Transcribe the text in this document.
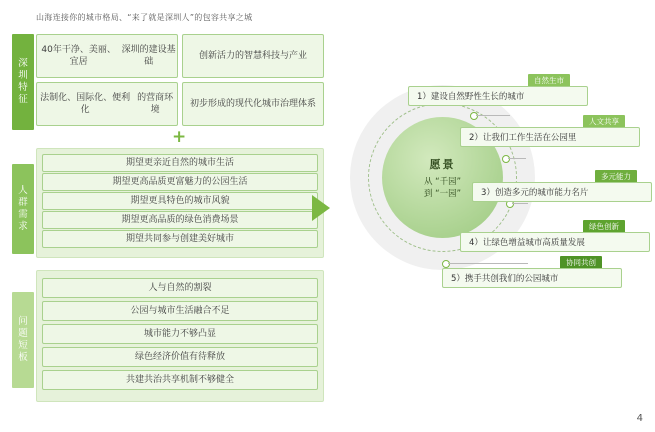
山海连接你的城市格局、“来了就是深圳人”的包容共享之城
深圳特征
人群需求
问题短板
40年干净、美丽、宜居
深圳的建设基础
创新活力的 智慧科技与产业
法制化、国际化、便利化
的营商环境
初步形成的现代化 城市治理体系
+
期望更亲近自然的城市生活
期望更高品质更富魅力的公园生活
期望更具特色的城市风貌
期望更高品质的绿色消费场景
期望共同参与创建美好城市
人与自然的割裂
公园与城市生活融合不足
城市能力不够凸显
绿色经济价值有待释放
共建共治共享机制不够健全
愿景
从 “千园”
到 “一园”
自然生市
1）建设自然野性生长的城市
人文共享
2）让我们工作生活在公园里
多元能力
3）创造多元的城市能力名片
绿色创新
4）让绿色增益城市高质量发展
协同共创
5）携手共创我们的公园城市
4
